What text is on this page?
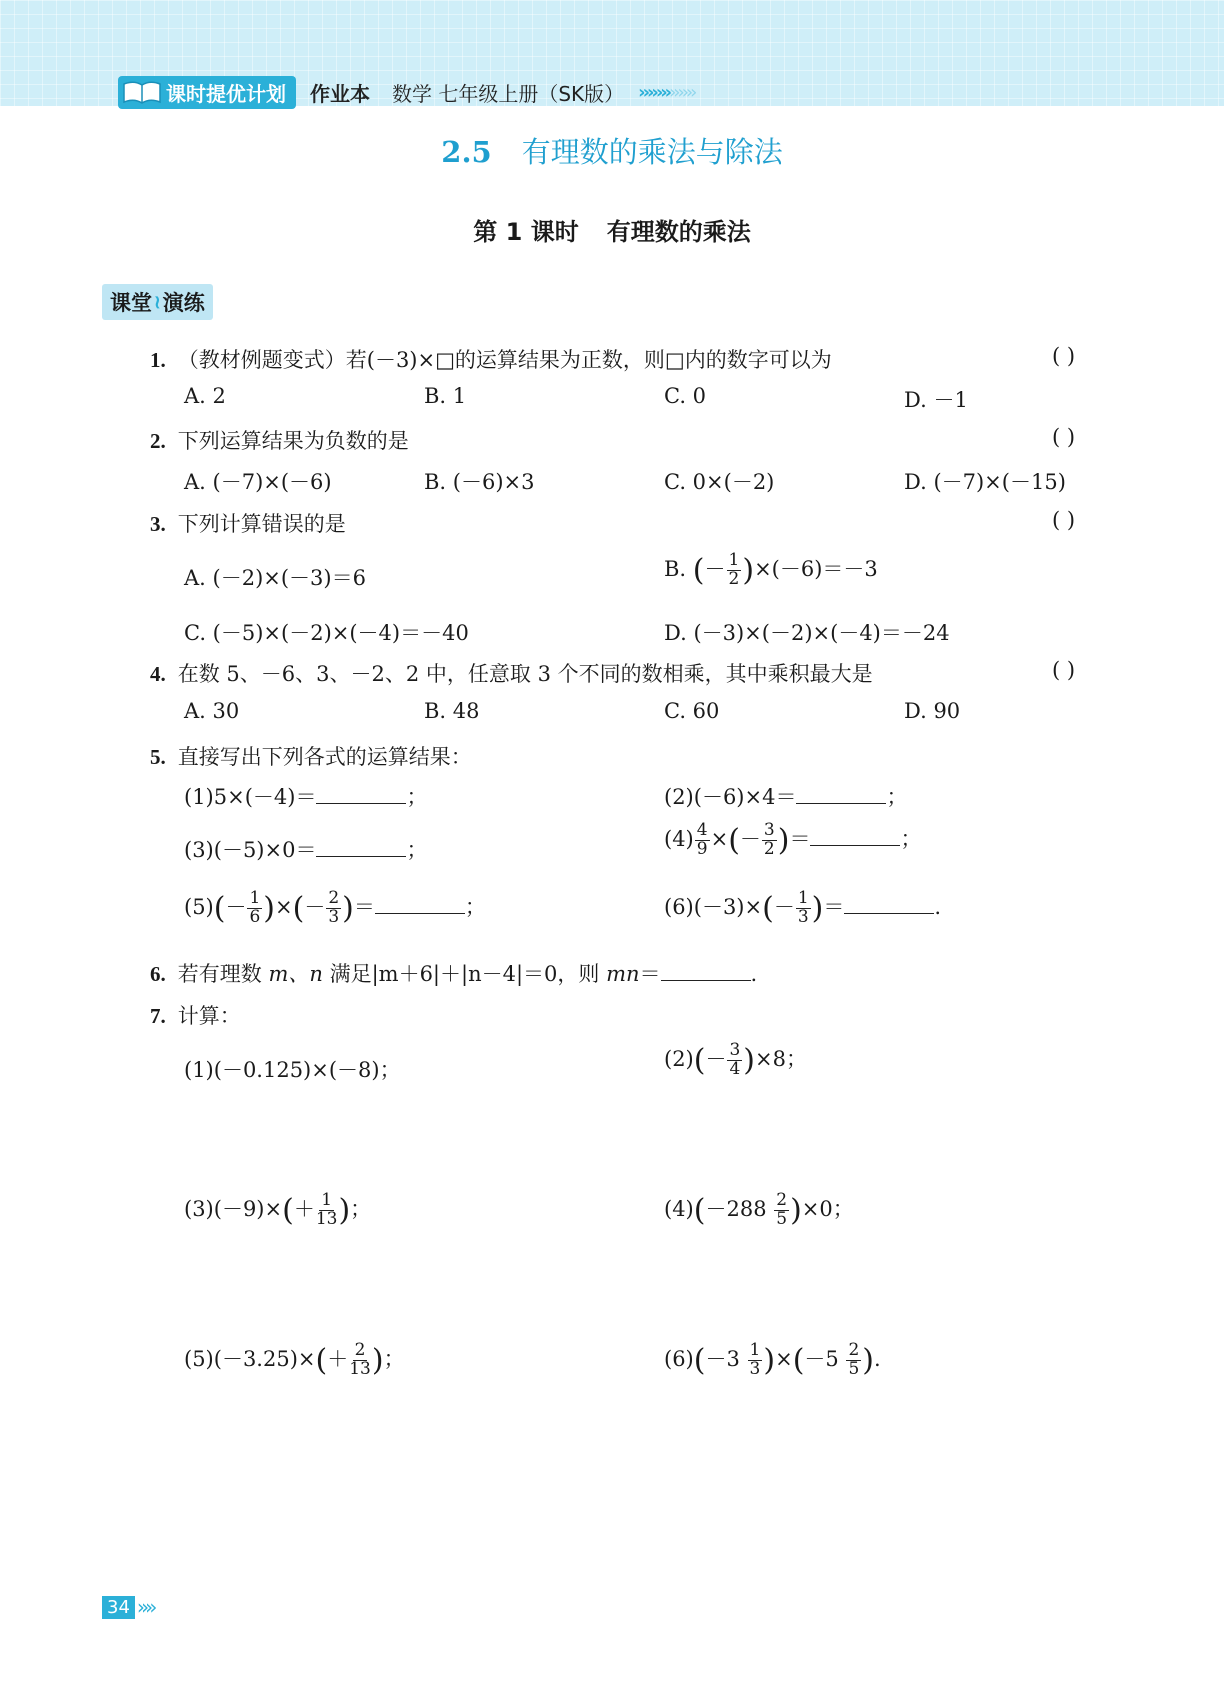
课时提优计划 作业本 数学 七年级上册（SK版） ››››››› ››››››
2.5 有理数的乘法与除法
第 1 课时 有理数的乘法
课堂 ≀ 演练
1. （教材例题变式）若(－3)×□的运算结果为正数，则□内的数字可以为	( )
A. 2	B. 1	C. 0	D. －1
2. 下列运算结果为负数的是	( )
A. (－7)×(－6)	B. (－6)×3	C. 0×(－2)	D. (－7)×(－15)
3. 下列计算错误的是	( )
A. (－2)×(－3)＝6	B. (－ $\frac{1}{2} )\times(-6)=-3$
C. (－5)×(－2)×(－4)＝－40	D. (－3)×(－2)×(－4)＝－24
4. 在数 5、－6、3、－2、2 中，任意取 3 个不同的数相乘，其中乘积最大是	( )
A. 30	B. 48	C. 60	D. 90
5. 直接写出下列各式的运算结果：
(1)5×(－4)＝	；	(2)(－6)×4＝	；
(3)(－5)×0＝	；	$(4) \frac{4}{9}$ ×(－ $\frac{3}{2}$ )＝	；
$(5)(- \frac{1}{6}$ )×(－ $\frac{2}{3}$ )＝	；	$(6)(-3)\times(- \frac{1}{3}$ )＝	.
6. 若有理数 m、n 满足|m＋6|＋|n－4|＝0，则 mn＝	.
7. 计算：
(1)(－0.125)×(－8)；	$(2)(- \frac{3}{4} )\times 8$；
$(3)(-9)\times(+ \frac{1}{13}$ )；	$(4)(-288 \frac{2}{5} )\times 0$；
$(5)(-3.25)\times(+ \frac{2}{13}$ )；	$(6)(-3 \frac{1}{3} )\times(-5 \frac{2}{5}$ ).
34 »»
